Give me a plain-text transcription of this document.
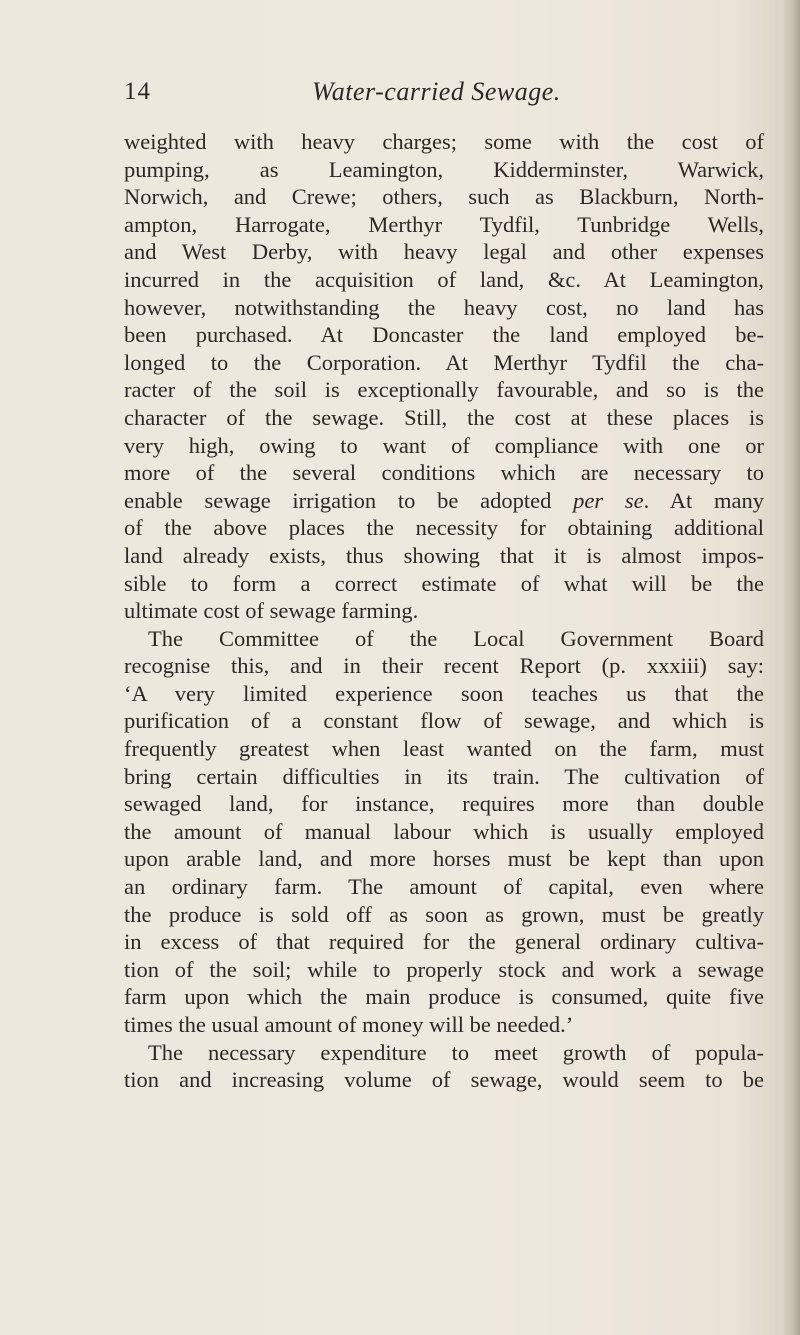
14	Water-carried Sewage.
weighted with heavy charges; some with the cost of
pumping, as Leamington, Kidderminster, Warwick,
Norwich, and Crewe; others, such as Blackburn, North-
ampton, Harrogate, Merthyr Tydfil, Tunbridge Wells,
and West Derby, with heavy legal and other expenses
incurred in the acquisition of land, &c. At Leamington,
however, notwithstanding the heavy cost, no land has
been purchased. At Doncaster the land employed be-
longed to the Corporation. At Merthyr Tydfil the cha-
racter of the soil is exceptionally favourable, and so is the
character of the sewage. Still, the cost at these places is
very high, owing to want of compliance with one or
more of the several conditions which are necessary to
enable sewage irrigation to be adopted per se. At many
of the above places the necessity for obtaining additional
land already exists, thus showing that it is almost impos-
sible to form a correct estimate of what will be the
ultimate cost of sewage farming.
The Committee of the Local Government Board
recognise this, and in their recent Report (p. xxxiii) say:
‘A very limited experience soon teaches us that the
purification of a constant flow of sewage, and which is
frequently greatest when least wanted on the farm, must
bring certain difficulties in its train. The cultivation of
sewaged land, for instance, requires more than double
the amount of manual labour which is usually employed
upon arable land, and more horses must be kept than upon
an ordinary farm. The amount of capital, even where
the produce is sold off as soon as grown, must be greatly
in excess of that required for the general ordinary cultiva-
tion of the soil; while to properly stock and work a sewage
farm upon which the main produce is consumed, quite five
times the usual amount of money will be needed.’
The necessary expenditure to meet growth of popula-
tion and increasing volume of sewage, would seem to be
